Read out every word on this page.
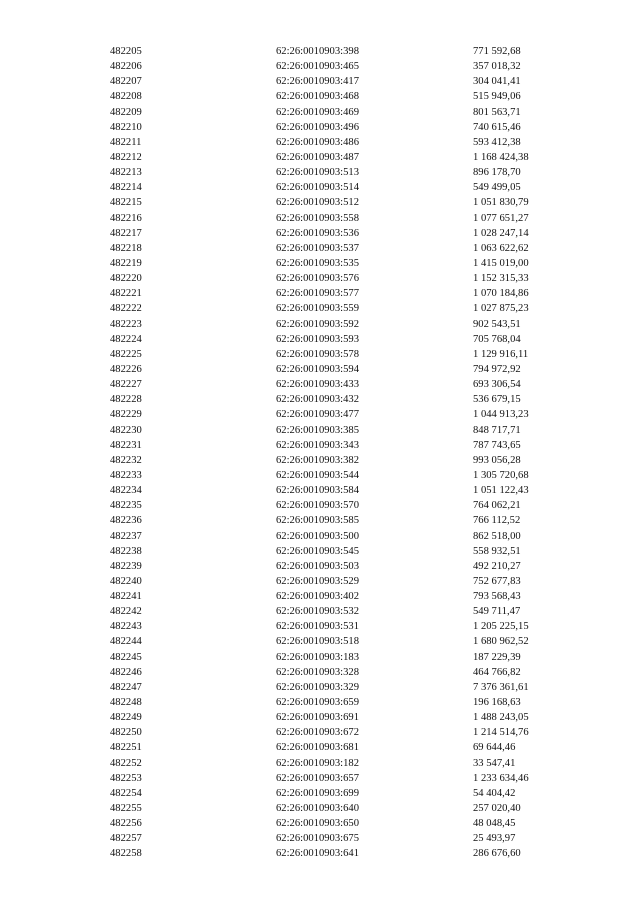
482205	62:26:0010903:398	771 592,68
482206	62:26:0010903:465	357 018,32
482207	62:26:0010903:417	304 041,41
482208	62:26:0010903:468	515 949,06
482209	62:26:0010903:469	801 563,71
482210	62:26:0010903:496	740 615,46
482211	62:26:0010903:486	593 412,38
482212	62:26:0010903:487	1 168 424,38
482213	62:26:0010903:513	896 178,70
482214	62:26:0010903:514	549 499,05
482215	62:26:0010903:512	1 051 830,79
482216	62:26:0010903:558	1 077 651,27
482217	62:26:0010903:536	1 028 247,14
482218	62:26:0010903:537	1 063 622,62
482219	62:26:0010903:535	1 415 019,00
482220	62:26:0010903:576	1 152 315,33
482221	62:26:0010903:577	1 070 184,86
482222	62:26:0010903:559	1 027 875,23
482223	62:26:0010903:592	902 543,51
482224	62:26:0010903:593	705 768,04
482225	62:26:0010903:578	1 129 916,11
482226	62:26:0010903:594	794 972,92
482227	62:26:0010903:433	693 306,54
482228	62:26:0010903:432	536 679,15
482229	62:26:0010903:477	1 044 913,23
482230	62:26:0010903:385	848 717,71
482231	62:26:0010903:343	787 743,65
482232	62:26:0010903:382	993 056,28
482233	62:26:0010903:544	1 305 720,68
482234	62:26:0010903:584	1 051 122,43
482235	62:26:0010903:570	764 062,21
482236	62:26:0010903:585	766 112,52
482237	62:26:0010903:500	862 518,00
482238	62:26:0010903:545	558 932,51
482239	62:26:0010903:503	492 210,27
482240	62:26:0010903:529	752 677,83
482241	62:26:0010903:402	793 568,43
482242	62:26:0010903:532	549 711,47
482243	62:26:0010903:531	1 205 225,15
482244	62:26:0010903:518	1 680 962,52
482245	62:26:0010903:183	187 229,39
482246	62:26:0010903:328	464 766,82
482247	62:26:0010903:329	7 376 361,61
482248	62:26:0010903:659	196 168,63
482249	62:26:0010903:691	1 488 243,05
482250	62:26:0010903:672	1 214 514,76
482251	62:26:0010903:681	69 644,46
482252	62:26:0010903:182	33 547,41
482253	62:26:0010903:657	1 233 634,46
482254	62:26:0010903:699	54 404,42
482255	62:26:0010903:640	257 020,40
482256	62:26:0010903:650	48 048,45
482257	62:26:0010903:675	25 493,97
482258	62:26:0010903:641	286 676,60
